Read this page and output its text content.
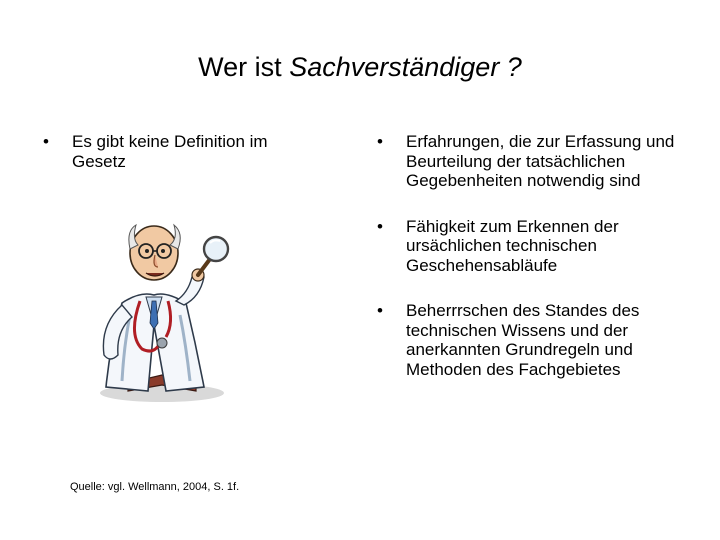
Wer ist Sachverständiger ?
•	Es gibt keine Definition im Gesetz
•	Erfahrungen, die zur Erfassung und Beurteilung der tatsächlichen Gegebenheiten notwendig sind
•	Fähigkeit zum Erkennen der ursächlichen technischen Geschehensabläufe
•	Beherrrschen des Standes des technischen Wissens und der anerkannten Grundregeln und Methoden des Fachgebietes
Quelle: vgl. Wellmann, 2004, S. 1f.
